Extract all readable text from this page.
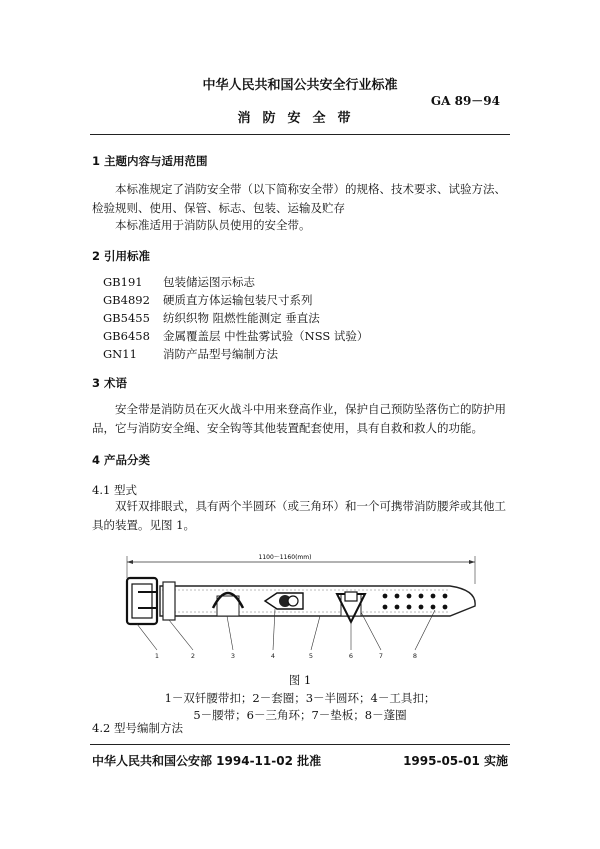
中华人民共和国公共安全行业标准
GA 89－94
消防安全带
1 主题内容与适用范围
本标准规定了消防安全带（以下简称安全带）的规格、技术要求、试验方法、检验规则、使用、保管、标志、包装、运输及贮存
本标准适用于消防队员使用的安全带。
2 引用标准
GB191 包装储运图示标志
GB4892 硬质直方体运输包装尺寸系列
GB5455 纺织织物 阻燃性能测定 垂直法
GB6458 金属覆盖层 中性盐雾试验（NSS 试验）
GN11 消防产品型号编制方法
3 术语
安全带是消防员在灭火战斗中用来登高作业，保护自己预防坠落伤亡的防护用品，它与消防安全绳、安全钩等其他装置配套使用，具有自救和救人的功能。
4 产品分类
4.1 型式
双钎双排眼式，具有两个半圆环（或三角环）和一个可携带消防腰斧或其他工具的装置。见图 1。
1100～1160(mm)
1	2	3	4	5	6	7	8
图 1
1－双钎腰带扣；2－套圈；3－半圆环；4－工具扣；
5－腰带；6－三角环；7－垫板；8－蓬圈
4.2 型号编制方法
中华人民共和国公安部 1994-11-02 批准	1995-05-01 实施
